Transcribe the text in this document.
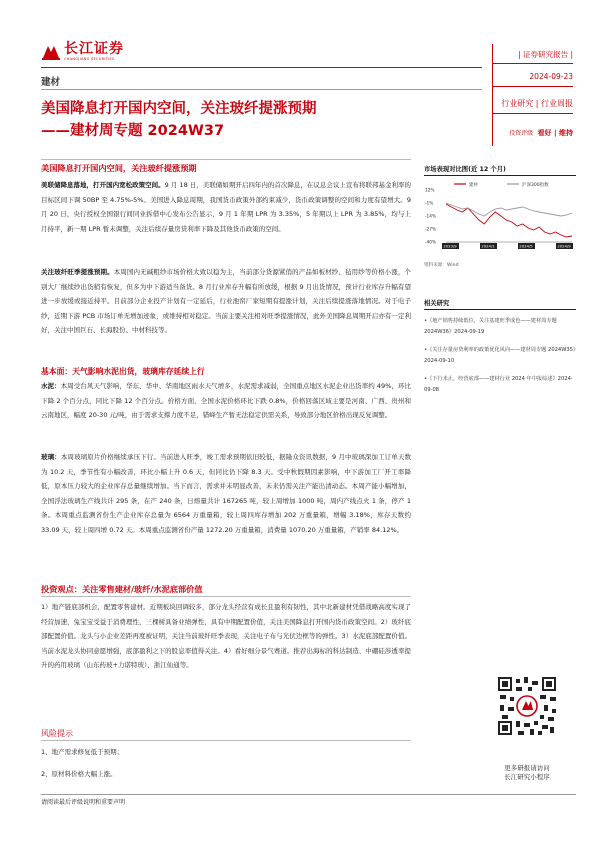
长江证券
CHANGJIANG SECURITIES
建材
美国降息打开国内空间，关注玻纤提涨预期
——建材周专题 2024W37
| 证券研究报告 |
2024-09-23
行业研究 | 行业周报
投资评级 看好 | 维持
美国降息打开国内空间，关注玻纤提涨预期
美联储降息落地，打开国内宽松政策空间。9 月 18 日，美联储如期开启四年内的首次降息，在议息会议上宣布将联邦基金利率的目标区间下调 50BP 至 4.75%-5%。美国进入降息周期，我国货币政策外部约束减少，货币政策调整的空间和力度有望增大。9 月 20 日，央行授权全国银行间同业拆借中心发布公告显示，9 月 1 年期 LPR 为 3.35%，5 年期以上 LPR 为 3.85%，均与上月持平，新一期 LPR 暂未调整，关注后续存量房贷利率下降及其他货币政策的空间。
关注玻纤旺季提涨预期。本周国内无碱粗纱市场价格大致以稳为主，当前部分货源紧俏的产品如板材纱、毡用纱等价格小涨，个别大厂继续纱出货稍有恢复，但多为中下游适当备货。8 月行业库存升幅有所放缓，根据 9 月出货情况，预计行业库存升幅有望进一步放缓或接近持平。目前部分企业投产计划有一定延后，行业池窑厂家短期有提涨计划，关注后续提涨落地情况。对于电子纱，近期下游 PCB 市场订单无增加迹象，或维持相对稳定。当前主要关注相对旺季提涨情况，此外美国降息周期开启亦有一定利好，关注中国巨石、长海股份、中材科技等。
基本面：天气影响水泥出货，玻璃库存延续上行
水泥：本周受台风天气影响，华东、华中、华南地区雨水天气增多，水泥需求减弱，全国重点地区水泥企业出货率约 49%，环比下降 2 个百分点，同比下降 12 个百分点。价格方面，全国水泥价格环比下跌 0.8%，价格回落区域主要是河南、广西、贵州和云南地区，幅度 20-30 元/吨，由于需求支撑力度不足，错峰生产暂无法稳定供需关系，导致部分地区价格出现反复调整。
玻璃：本周玻璃原片价格继续承压下行。当前进入旺季，竣工需求预期依旧较低，据隆众资讯数据，9 月中玻璃深加工订单天数为 10.2 天，季节性有小幅改善，环比小幅上升 0.6 天，但同比仍下降 8.3 天。受中秋假期因素影响，中下游加工厂开工率降低，原本压力较大的企业库存总量继续增加。当下而言，需求并未明显改善，未来仍需关注产能出清动态。本周产能小幅增加，全国浮法玻璃生产线共计 295 条，在产 240 条，日熔量共计 167265 吨，较上周增加 1000 吨，周内产线点火 1 条，停产 1 条。本周重点监测省份生产企业库存总量为 6564 万重量箱，较上周四库存增加 202 万重量箱，增幅 3.18%，库存天数约 33.09 天，较上周四增 0.72 天。本周重点监测省份产量 1272.20 万重量箱，消费量 1070.20 万重量箱，产销率 84.12%。
投资观点：关注零售建材/玻纤/水泥底部价值
1）地产链底部机会，配置零售建材。近期板块回调较多，部分龙头经营有成长且盈利有韧性，其中北新建材凭借战略高度实现了经营加速，兔宝宝受益于消费理性，三棵树具备业绩弹性，具有中期配置价值，关注美国降息打开国内货币政策空间。2）玻纤底部配置价值。龙头与小企业差距再度被证明，关注当前玻纤旺季表现，关注电子布与光伏边框等的弹性。3）水泥底部配置价值。当前水泥龙头协同意愿增强，底部盈利之下的股息率值得关注。4）看好细分景气赛道。推荐出海标的科达制造、中硼硅涉透率提升的药用玻璃（山东药玻+力诺特玻）、浙江仙通等。
风险提示
1、地产需求修复低于预期；
2、原材料价格大幅上涨。
市场表现对比图(近 12 个月)
建材	沪深300指数
12%
-1%
-14%
-27%
-40%
2023/9	2024/1	2024/5	2024/9
资料来源：Wind
相关研究
•《地产销售持续低位，关注基建旺季成色——建材周专题 2024W36》2024-09-19
•《关注存量房贷利率的政策优化风向——建材周专题 2024W35》2024-09-10
•《下行未止，经营底部——建材行业 2024 年中报综述》2024-09-08
更多研报请访问
长江研究小程序
请阅读最后评级说明和重要声明
